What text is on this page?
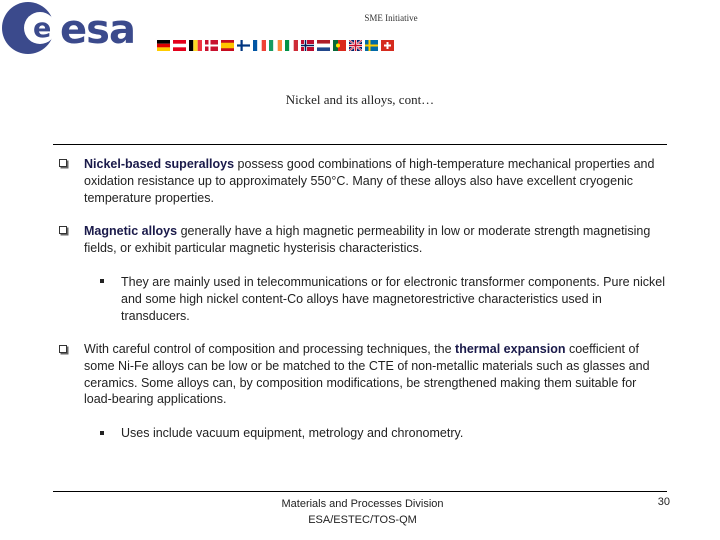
e esa	SME Initiative
Nickel and its alloys, cont…
Nickel-based superalloys possess good combinations of high-temperature mechanical properties and oxidation resistance up to approximately 550°C. Many of these alloys also have excellent cryogenic temperature properties.
Magnetic alloys generally have a high magnetic permeability in low or moderate strength magnetising fields, or exhibit particular magnetic hysterisis characteristics.
They are mainly used in telecommunications or for electronic transformer components. Pure nickel and some high nickel content-Co alloys have magnetorestrictive characteristics used in transducers.
With careful control of composition and processing techniques, the thermal expansion coefficient of some Ni-Fe alloys can be low or be matched to the CTE of non-metallic materials such as glasses and ceramics. Some alloys can, by composition modifications, be strengthened making them suitable for load-bearing applications.
Uses include vacuum equipment, metrology and chronometry.
Materials and Processes Division
ESA/ESTEC/TOS-QM
30
